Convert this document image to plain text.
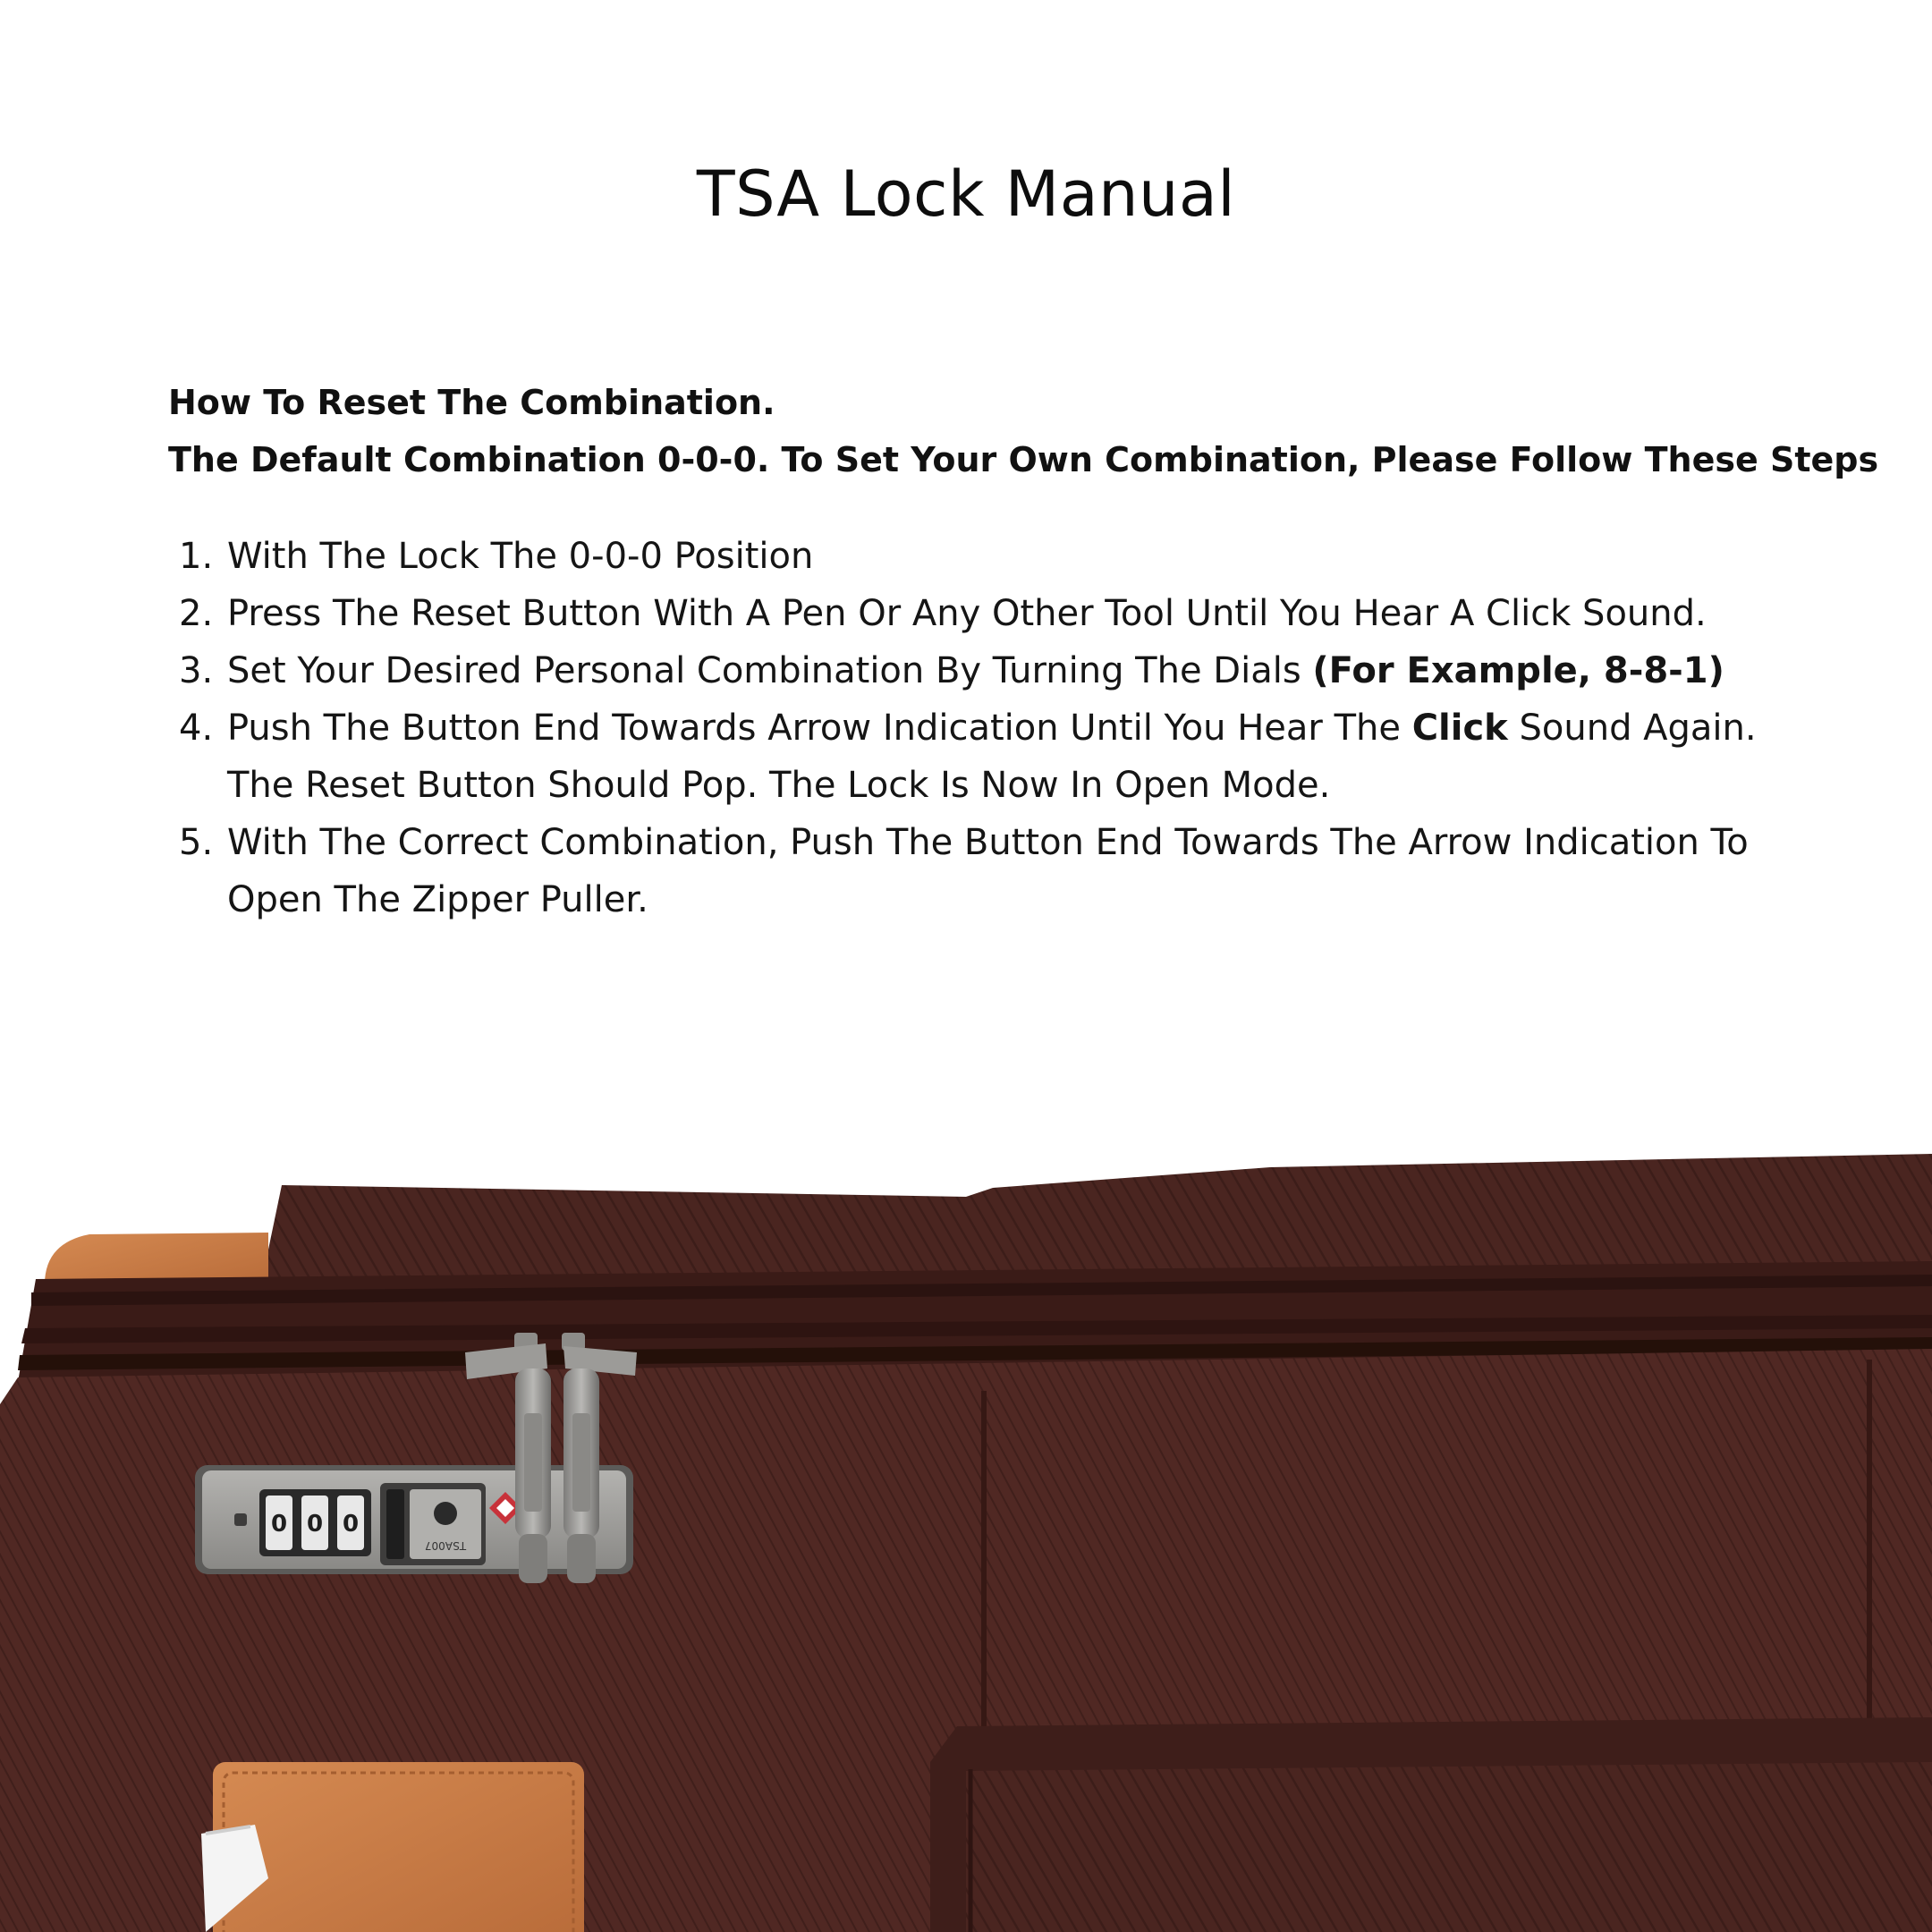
TSA Lock Manual
How To Reset The Combination.
The Default Combination 0-0-0. To Set Your Own Combination, Please Follow These Steps
1. With The Lock The 0-0-0 Position
2. Press The Reset Button With A Pen Or Any Other Tool Until You Hear A Click Sound.
3. Set Your Desired Personal Combination By Turning The Dials (For Example, 8-8-1)
4. Push The Button End Towards Arrow Indication Until You Hear The Click Sound Again.
The Reset Button Should Pop. The Lock Is Now In Open Mode.
5. With The Correct Combination, Push The Button End Towards The Arrow Indication To
Open The Zipper Puller.
0 0 0
TSA007
